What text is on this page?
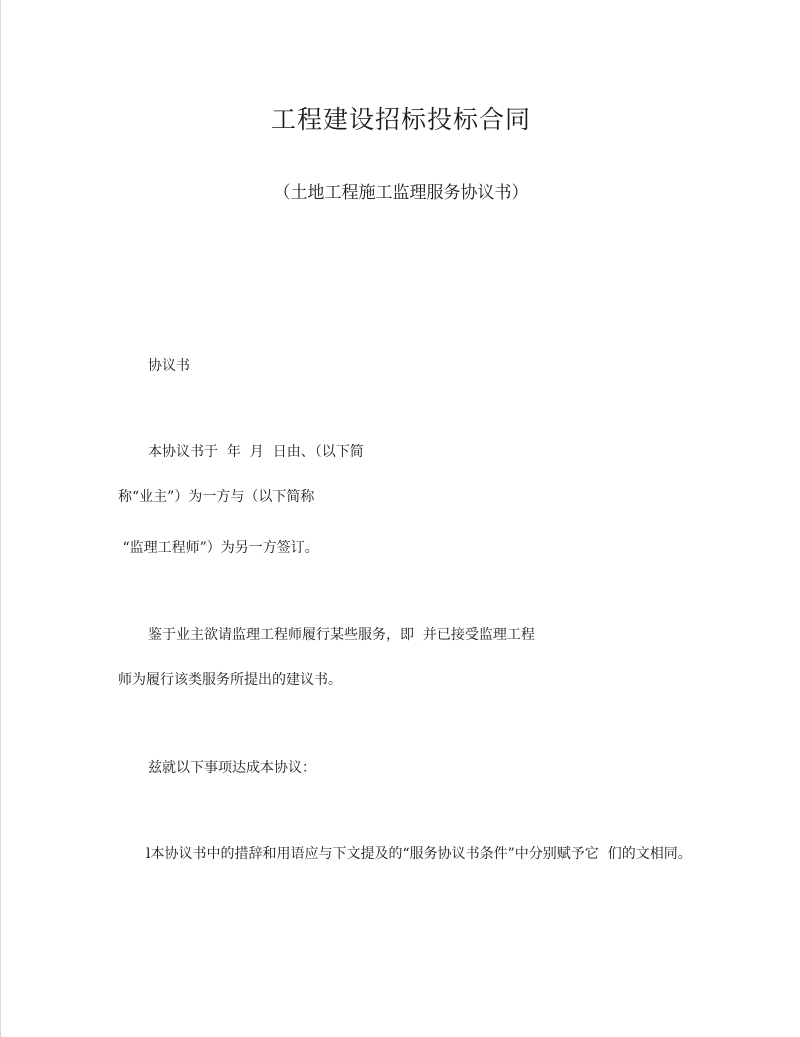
工程建设招标投标合同
（土地工程施工监理服务协议书）
协议书
本协议书于  年  月  日由、（以下简
称“业主”）为一方与（以下简称
“监理工程师”）为另一方签订。
鉴于业主欲请监理工程师履行某些服务，即  并已接受监理工程
师为履行该类服务所提出的建议书。
兹就以下事项达成本协议：
l本协议书中的措辞和用语应与下文提及的“服务协议书条件”中分别赋予它  们的文相同。
